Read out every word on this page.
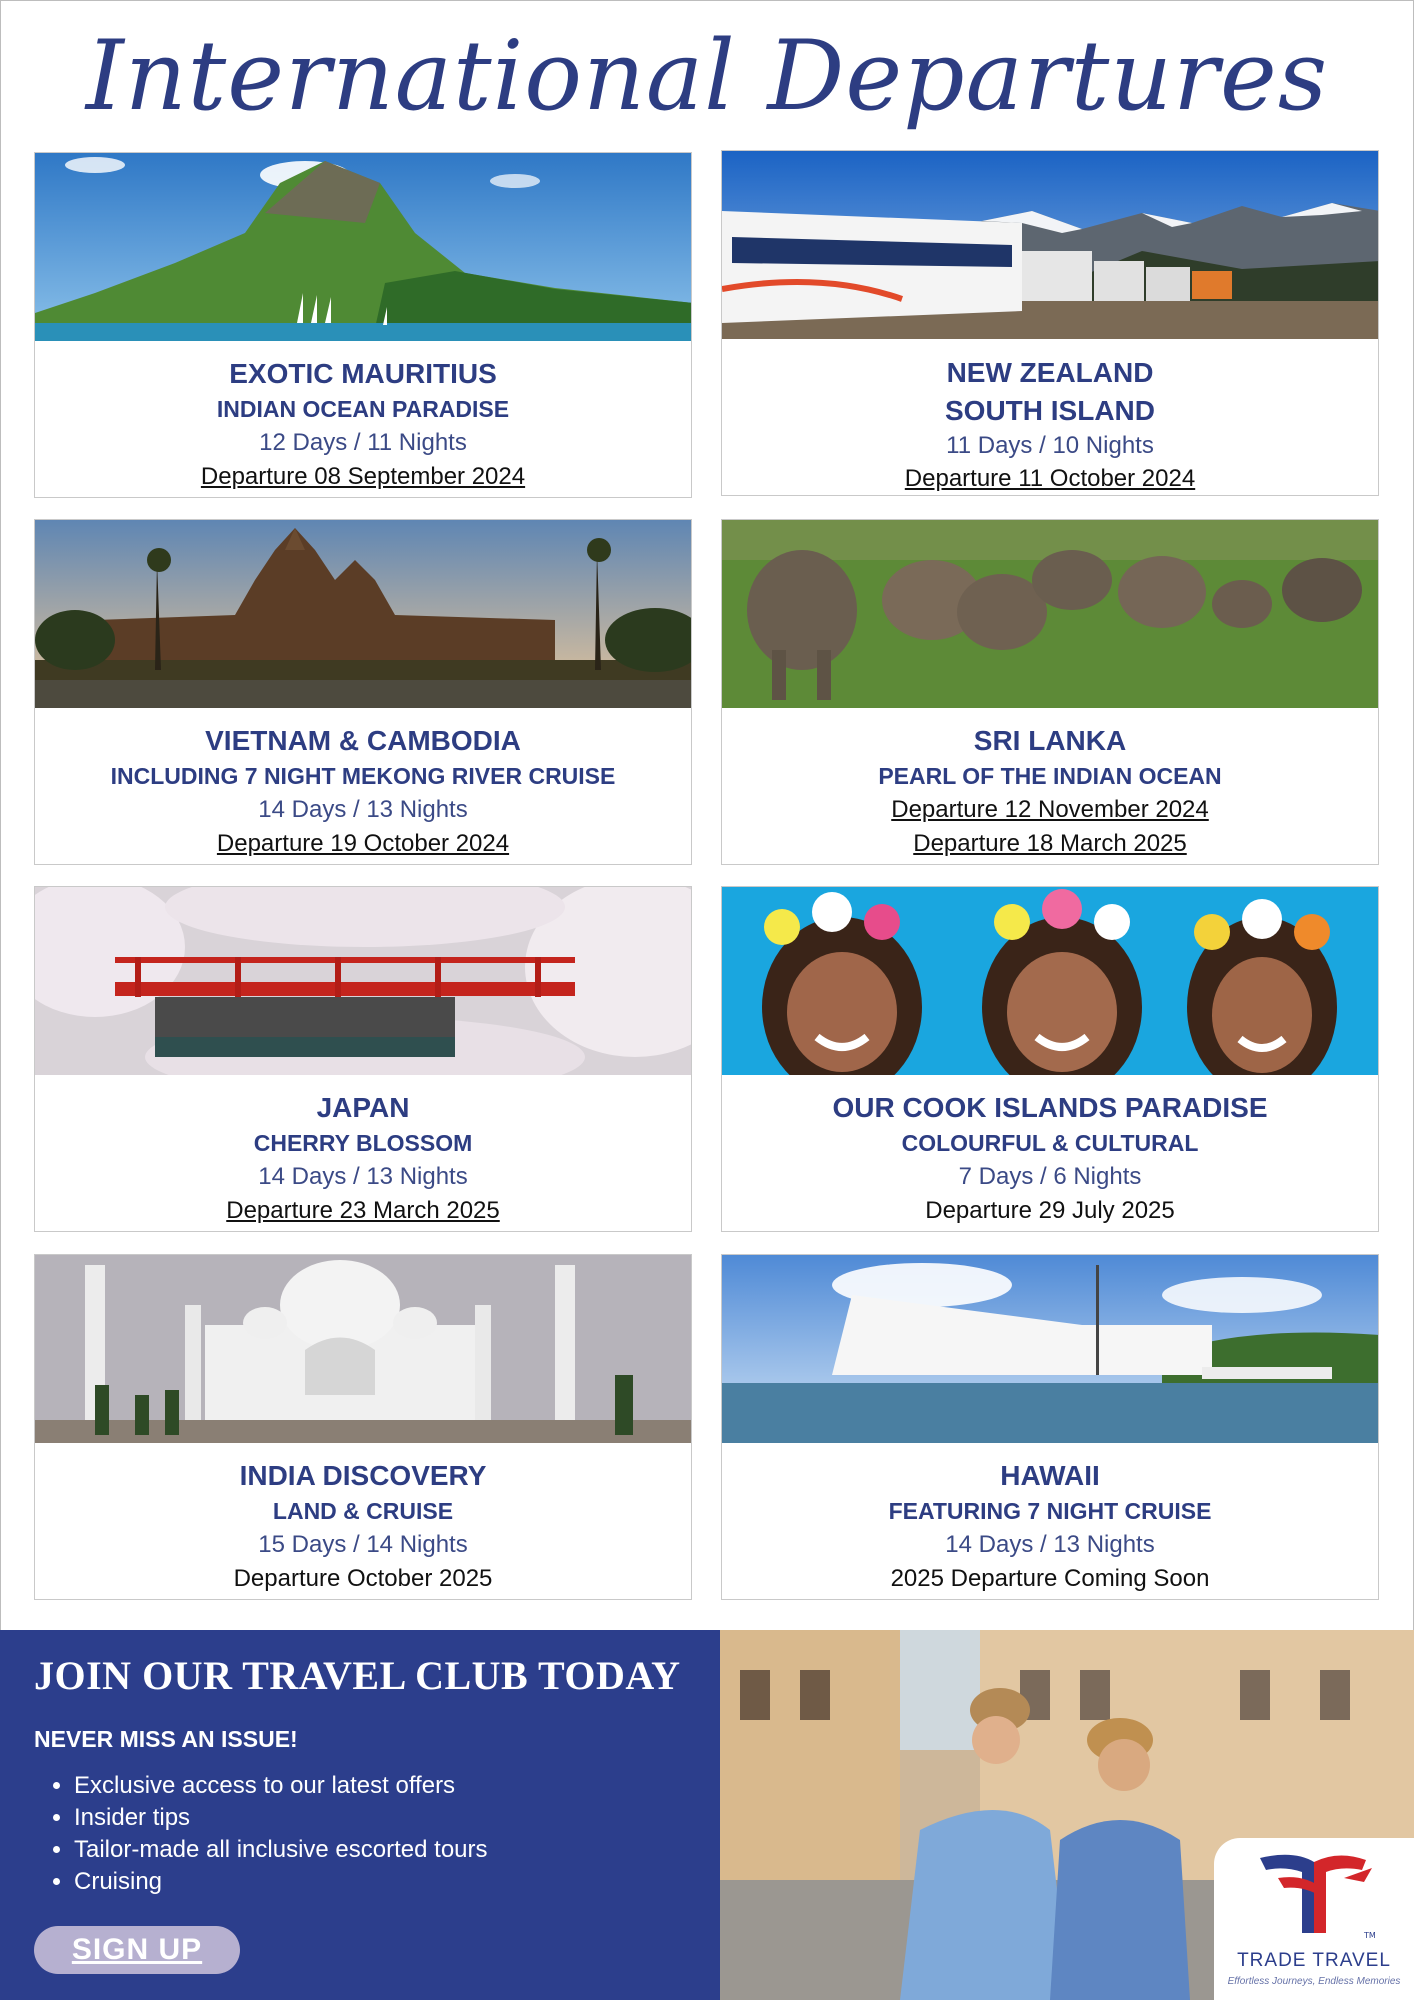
International Departures
EXOTIC MAURITIUS
INDIAN OCEAN PARADISE
12 Days / 11 Nights
Departure 08 September 2024
NEW ZEALAND
SOUTH ISLAND
11 Days / 10 Nights
Departure 11 October 2024
VIETNAM & CAMBODIA
INCLUDING 7 NIGHT MEKONG RIVER CRUISE
14 Days / 13 Nights
Departure 19 October 2024
SRI LANKA
PEARL OF THE INDIAN OCEAN
Departure 12 November 2024
Departure 18 March 2025
JAPAN
CHERRY BLOSSOM
14 Days / 13 Nights
Departure 23 March 2025
OUR COOK ISLANDS PARADISE
COLOURFUL & CULTURAL
7 Days / 6 Nights
Departure 29 July 2025
INDIA DISCOVERY
LAND & CRUISE
15 Days / 14 Nights
Departure October 2025
HAWAII
FEATURING 7 NIGHT CRUISE
14 Days / 13 Nights
2025 Departure Coming Soon
JOIN OUR TRAVEL CLUB TODAY
NEVER MISS AN ISSUE!
• Exclusive access to our latest offers
• Insider tips
• Tailor-made all inclusive escorted tours
• Cruising
SIGN UP	TM
TRADE TRAVEL
Effortless Journeys, Endless Memories
